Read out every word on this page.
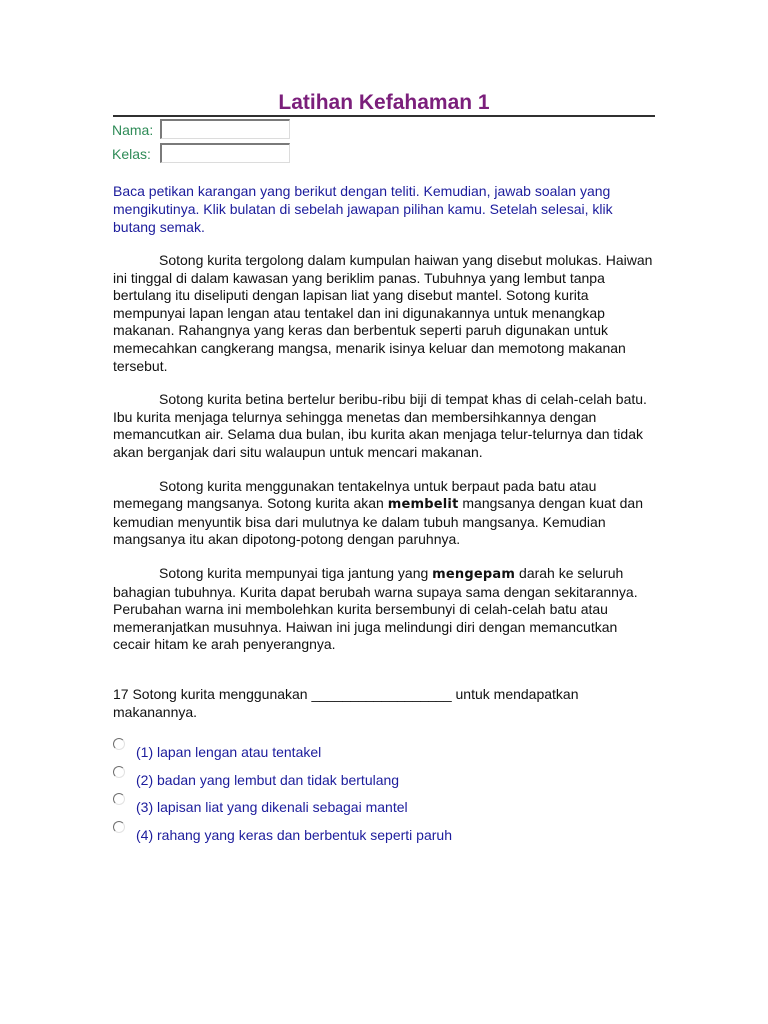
Latihan Kefahaman 1
Nama:
Kelas:
Baca petikan karangan yang berikut dengan teliti. Kemudian, jawab soalan yang mengikutinya. Klik bulatan di sebelah jawapan pilihan kamu. Setelah selesai, klik butang semak.

Sotong kurita tergolong dalam kumpulan haiwan yang disebut molukas. Haiwan ini tinggal di dalam kawasan yang beriklim panas. Tubuhnya yang lembut tanpa bertulang itu diseliputi dengan lapisan liat yang disebut mantel. Sotong kurita mempunyai lapan lengan atau tentakel dan ini digunakannya untuk menangkap makanan. Rahangnya yang keras dan berbentuk seperti paruh digunakan untuk memecahkan cangkerang mangsa, menarik isinya keluar dan memotong makanan tersebut.

Sotong kurita betina bertelur beribu-ribu biji di tempat khas di celah-celah batu. Ibu kurita menjaga telurnya sehingga menetas dan membersihkannya dengan memancutkan air. Selama dua bulan, ibu kurita akan menjaga telur-telurnya dan tidak akan berganjak dari situ walaupun untuk mencari makanan.

Sotong kurita menggunakan tentakelnya untuk berpaut pada batu atau memegang mangsanya. Sotong kurita akan membelit mangsanya dengan kuat dan kemudian menyuntik bisa dari mulutnya ke dalam tubuh mangsanya. Kemudian mangsanya itu akan dipotong-potong dengan paruhnya.

Sotong kurita mempunyai tiga jantung yang mengepam darah ke seluruh bahagian tubuhnya. Kurita dapat berubah warna supaya sama dengan sekitarannya. Perubahan warna ini membolehkan kurita bersembunyi di celah-celah batu atau memeranjatkan musuhnya. Haiwan ini juga melindungi diri dengan memancutkan cecair hitam ke arah penyerangnya.

17 Sotong kurita menggunakan __________________ untuk mendapatkan makanannya.
(1) lapan lengan atau tentakel
(2) badan yang lembut dan tidak bertulang
(3) lapisan liat yang dikenali sebagai mantel
(4) rahang yang keras dan berbentuk seperti paruh
